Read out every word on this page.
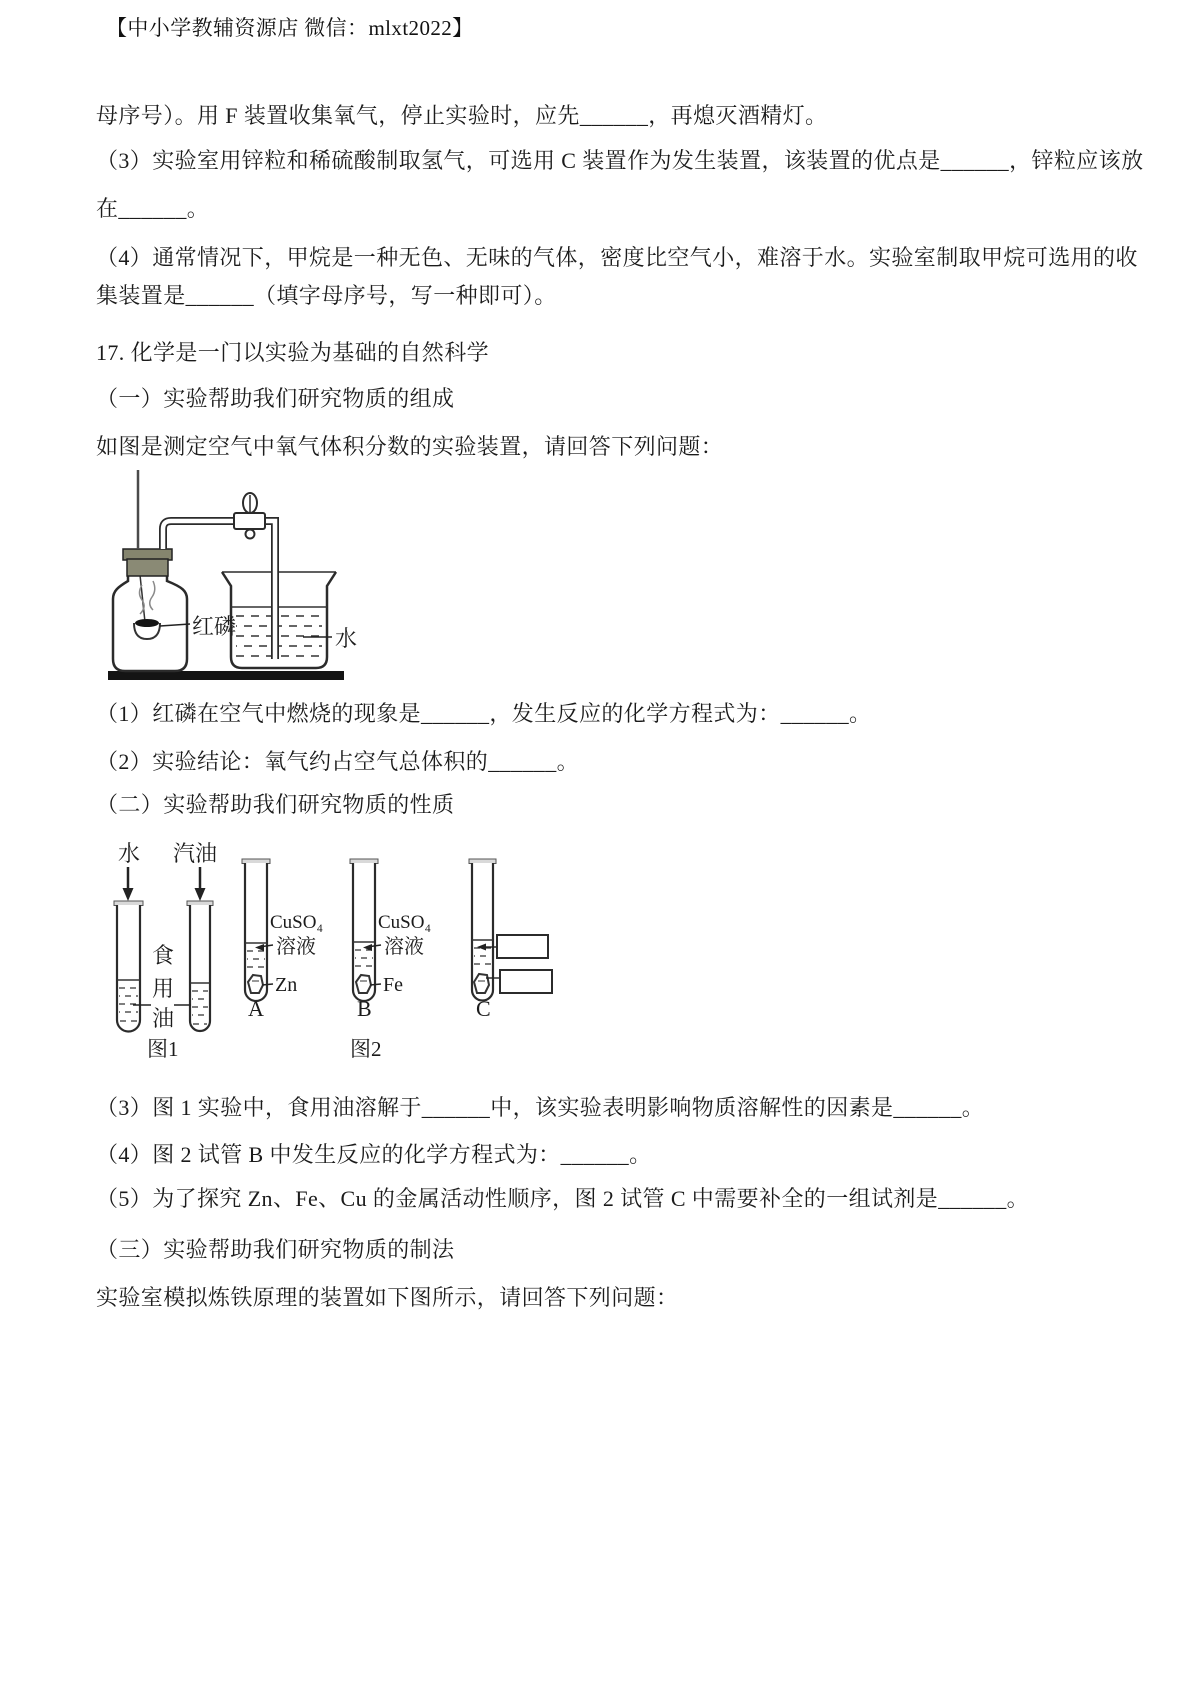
【中小学教辅资源店 微信：mlxt2022】
母序号）。用 F 装置收集氧气，停止实验时，应先______，再熄灭酒精灯。
（3）实验室用锌粒和稀硫酸制取氢气，可选用 C 装置作为发生装置，该装置的优点是______，锌粒应该放
在______。
（4）通常情况下，甲烷是一种无色、无味的气体，密度比空气小，难溶于水。实验室制取甲烷可选用的收
集装置是______（填字母序号，写一种即可）。
17. 化学是一门以实验为基础的自然科学
（一）实验帮助我们研究物质的组成
如图是测定空气中氧气体积分数的实验装置，请回答下列问题：
红磷	水
（1）红磷在空气中燃烧的现象是______，发生反应的化学方程式为：______。
（2）实验结论：氧气约占空气总体积的______。
（二）实验帮助我们研究物质的性质
水 汽油
食
用
油
图1
CuSO₄
溶液
Zn
A
CuSO₄
溶液
Fe
B
图2
C
（3）图 1 实验中，食用油溶解于______中，该实验表明影响物质溶解性的因素是______。
（4）图 2 试管 B 中发生反应的化学方程式为：______。
（5）为了探究 Zn、Fe、Cu 的金属活动性顺序，图 2 试管 C 中需要补全的一组试剂是______。
（三）实验帮助我们研究物质的制法
实验室模拟炼铁原理的装置如下图所示，请回答下列问题：
